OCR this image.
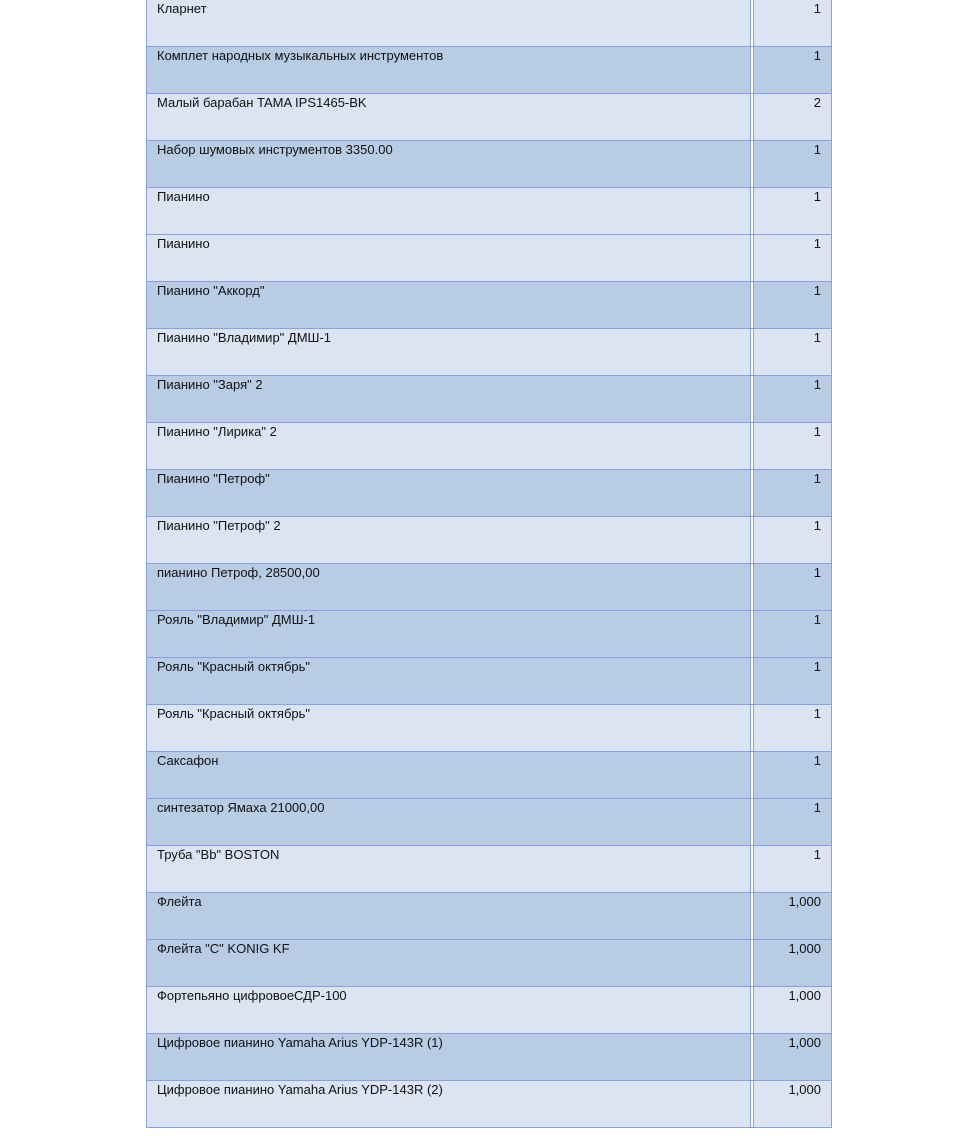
Кларнет	1
Комплет народных музыкальных инструментов	1
Малый барабан TAMA IPS1465-BK	2
Набор шумовых инструментов 3350.00	1
Пианино	1
Пианино	1
Пианино "Аккорд"	1
Пианино "Владимир" ДМШ-1	1
Пианино "Заря" 2	1
Пианино "Лирика" 2	1
Пианино "Петроф"	1
Пианино "Петроф" 2	1
пианино Петроф, 28500,00	1
Рояль "Владимир" ДМШ-1	1
Рояль "Красный октябрь"	1
Рояль "Красный октябрь"	1
Саксафон	1
синтезатор Ямаха 21000,00	1
Труба "Bb" BOSTON	1
Флейта	1,000
Флейта "C" KONIG KF	1,000
Фортепьяно цифровоеСДР-100	1,000
Цифровое пианино Yamaha Arius YDP-143R (1)	1,000
Цифровое пианино Yamaha Arius YDP-143R (2)	1,000
